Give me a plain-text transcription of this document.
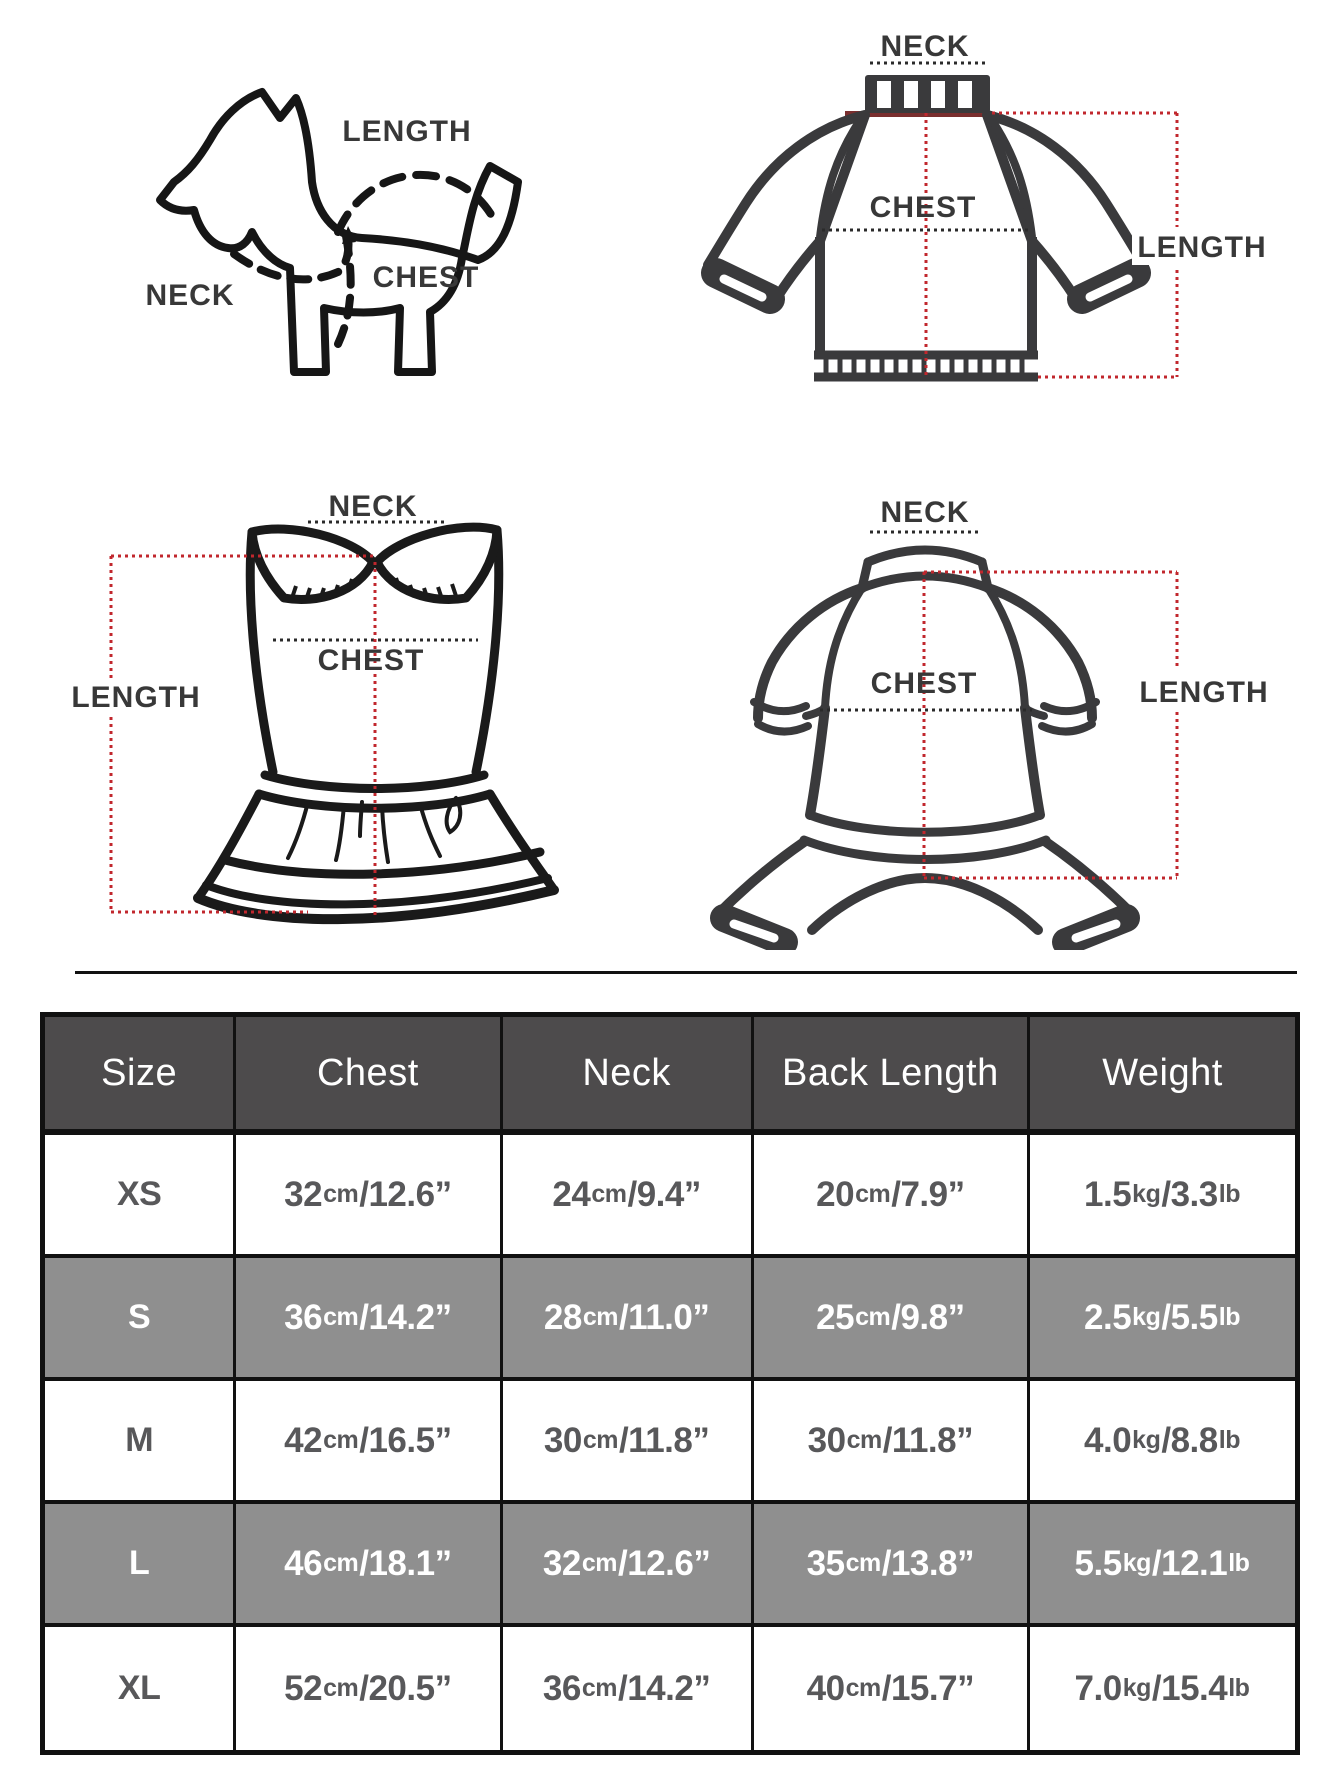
LENGTH
CHEST
NECK
NECK
CHEST
LENGTH
NECK
CHEST
LENGTH
NECK
CHEST	LENGTH
Size	Chest	Neck	Back Length	Weight
XS	32 cm /12.6”	24 cm /9.4”	20 cm /7.9”	1.5 kg /3.3 lb
S	36 cm /14.2”	28 cm /11.0”	25 cm /9.8”	2.5 kg /5.5 lb
M	42 cm /16.5”	30 cm /11.8”	30 cm /11.8”	4.0 kg /8.8 lb
L	46 cm /18.1”	32 cm /12.6”	35 cm /13.8”	5.5 kg /12.1 lb
XL	52 cm /20.5”	36 cm /14.2”	40 cm /15.7”	7.0 kg /15.4 lb
